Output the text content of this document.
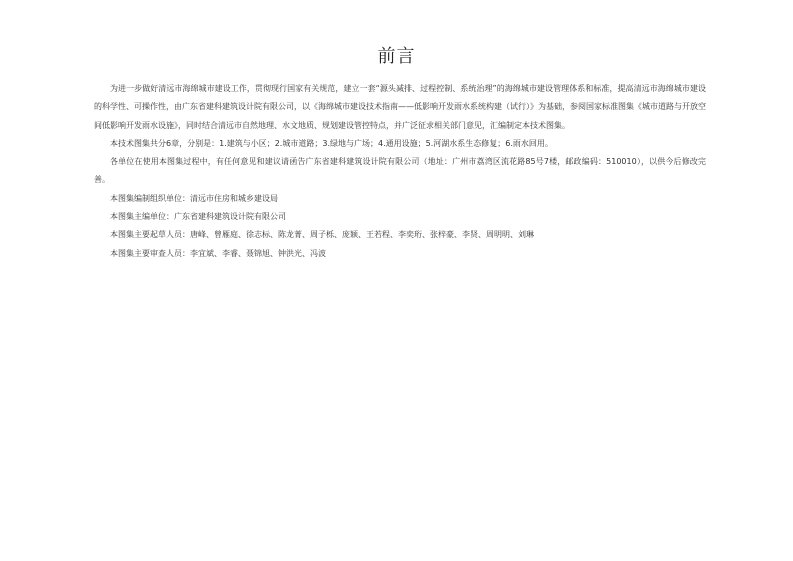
前言

为进一步做好清远市海绵城市建设工作，贯彻现行国家有关规范，建立一套“源头减排、过程控制、系统治理”的海绵城市建设管理体系和标准，提高清远市海绵城市建设的科学性、可操作性，由广东省建科建筑设计院有限公司，以《海绵城市建设技术指南——低影响开发雨水系统构建（试行）》为基础，参阅国家标准图集《城市道路与开放空间低影响开发雨水设施》，同时结合清远市自然地理、水文地质、规划建设管控特点，并广泛征求相关部门意见，汇编制定本技术图集。

本技术图集共分6章，分别是：1.建筑与小区；2.城市道路；3.绿地与广场；4.通用设施；5.河湖水系生态修复；6.雨水回用。

各单位在使用本图集过程中，有任何意见和建议请函告广东省建科建筑设计院有限公司（地址：广州市荔湾区流花路85号7楼，邮政编码：510010），以供今后修改完善。

本图集编制组织单位：清远市住房和城乡建设局

本图集主编单位：广东省建科建筑设计院有限公司

本图集主要起草人员：唐峰、曾雁庭、徐志标、陈龙菁、周子栎、庞颖、王若程、李奕珩、张梓豪、李贤、周明明、刘琳

本图集主要审查人员：李宜斌、李睿、聂锦旭、钟洪光、冯波
